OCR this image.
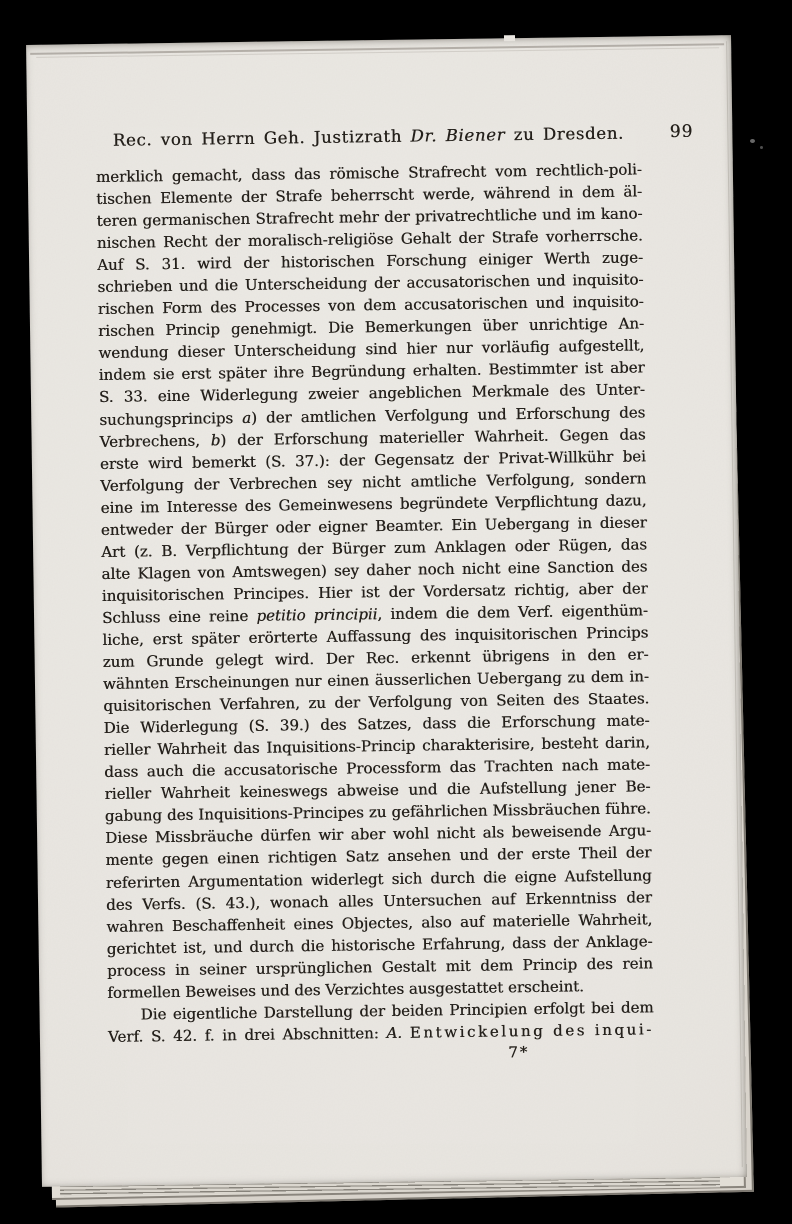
Rec. von Herrn Geh. Justizrath Dr. Biener zu Dresden.	99
merklich gemacht, dass das römische Strafrecht vom rechtlich-poli-
tischen Elemente der Strafe beherrscht werde, während in dem äl-
teren germanischen Strafrecht mehr der privatrechtliche und im kano-
nischen Recht der moralisch-religiöse Gehalt der Strafe vorherrsche.
Auf S. 31. wird der historischen Forschung einiger Werth zuge-
schrieben und die Unterscheidung der accusatorischen und inquisito-
rischen Form des Processes von dem accusatorischen und inquisito-
rischen Princip genehmigt. Die Bemerkungen über unrichtige An-
wendung dieser Unterscheidung sind hier nur vorläufig aufgestellt,
indem sie erst später ihre Begründung erhalten. Bestimmter ist aber
S. 33. eine Widerlegung zweier angeblichen Merkmale des Unter-
suchungsprincips a) der amtlichen Verfolgung und Erforschung des
Verbrechens, b) der Erforschung materieller Wahrheit. Gegen das
erste wird bemerkt (S. 37.): der Gegensatz der Privat-Willkühr bei
Verfolgung der Verbrechen sey nicht amtliche Verfolgung, sondern
eine im Interesse des Gemeinwesens begründete Verpflichtung dazu,
entweder der Bürger oder eigner Beamter. Ein Uebergang in dieser
Art (z. B. Verpflichtung der Bürger zum Anklagen oder Rügen, das
alte Klagen von Amtswegen) sey daher noch nicht eine Sanction des
inquisitorischen Principes. Hier ist der Vordersatz richtig, aber der
Schluss eine reine petitio principii, indem die dem Verf. eigenthüm-
liche, erst später erörterte Auffassung des inquisitorischen Princips
zum Grunde gelegt wird. Der Rec. erkennt übrigens in den er-
wähnten Erscheinungen nur einen äusserlichen Uebergang zu dem in-
quisitorischen Verfahren, zu der Verfolgung von Seiten des Staates.
Die Widerlegung (S. 39.) des Satzes, dass die Erforschung mate-
rieller Wahrheit das Inquisitions-Princip charakterisire, besteht darin,
dass auch die accusatorische Processform das Trachten nach mate-
rieller Wahrheit keineswegs abweise und die Aufstellung jener Be-
gabung des Inquisitions-Principes zu gefährlichen Missbräuchen führe.
Diese Missbräuche dürfen wir aber wohl nicht als beweisende Argu-
mente gegen einen richtigen Satz ansehen und der erste Theil der
referirten Argumentation widerlegt sich durch die eigne Aufstellung
des Verfs. (S. 43.), wonach alles Untersuchen auf Erkenntniss der
wahren Beschaffenheit eines Objectes, also auf materielle Wahrheit,
gerichtet ist, und durch die historische Erfahrung, dass der Anklage-
process in seiner ursprünglichen Gestalt mit dem Princip des rein
formellen Beweises und des Verzichtes ausgestattet erscheint.
Die eigentliche Darstellung der beiden Principien erfolgt bei dem
Verf. S. 42. f. in drei Abschnitten: A. Entwickelung des inqui-
7*
